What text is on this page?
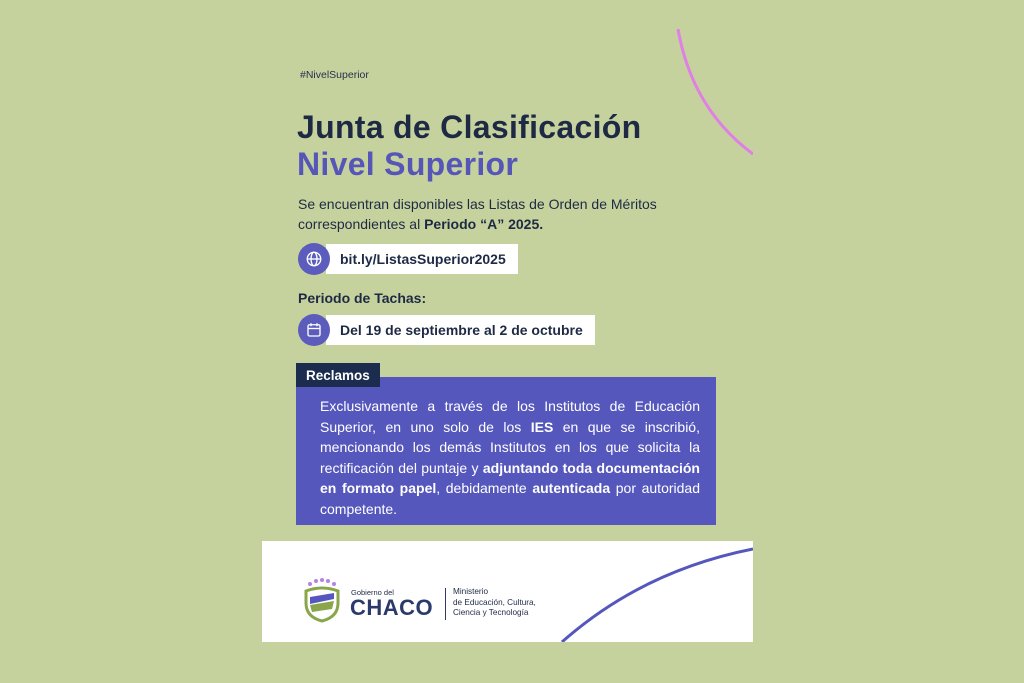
#NivelSuperior
Junta de Clasificación
Nivel Superior
Se encuentran disponibles las Listas de Orden de Méritos correspondientes al Periodo “A” 2025.
bit.ly/ListasSuperior2025
Periodo de Tachas:
Del 19 de septiembre al 2 de octubre
Reclamos
Exclusivamente a través de los Institutos de Educación Superior, en uno solo de los IES en que se inscribió, mencionando los demás Institutos en los que solicita la rectificación del puntaje y adjuntando toda documentación en formato papel, debidamente autenticada por autoridad competente.
Gobierno del
CHACO
Ministerio
de Educación, Cultura,
Ciencia y Tecnología
